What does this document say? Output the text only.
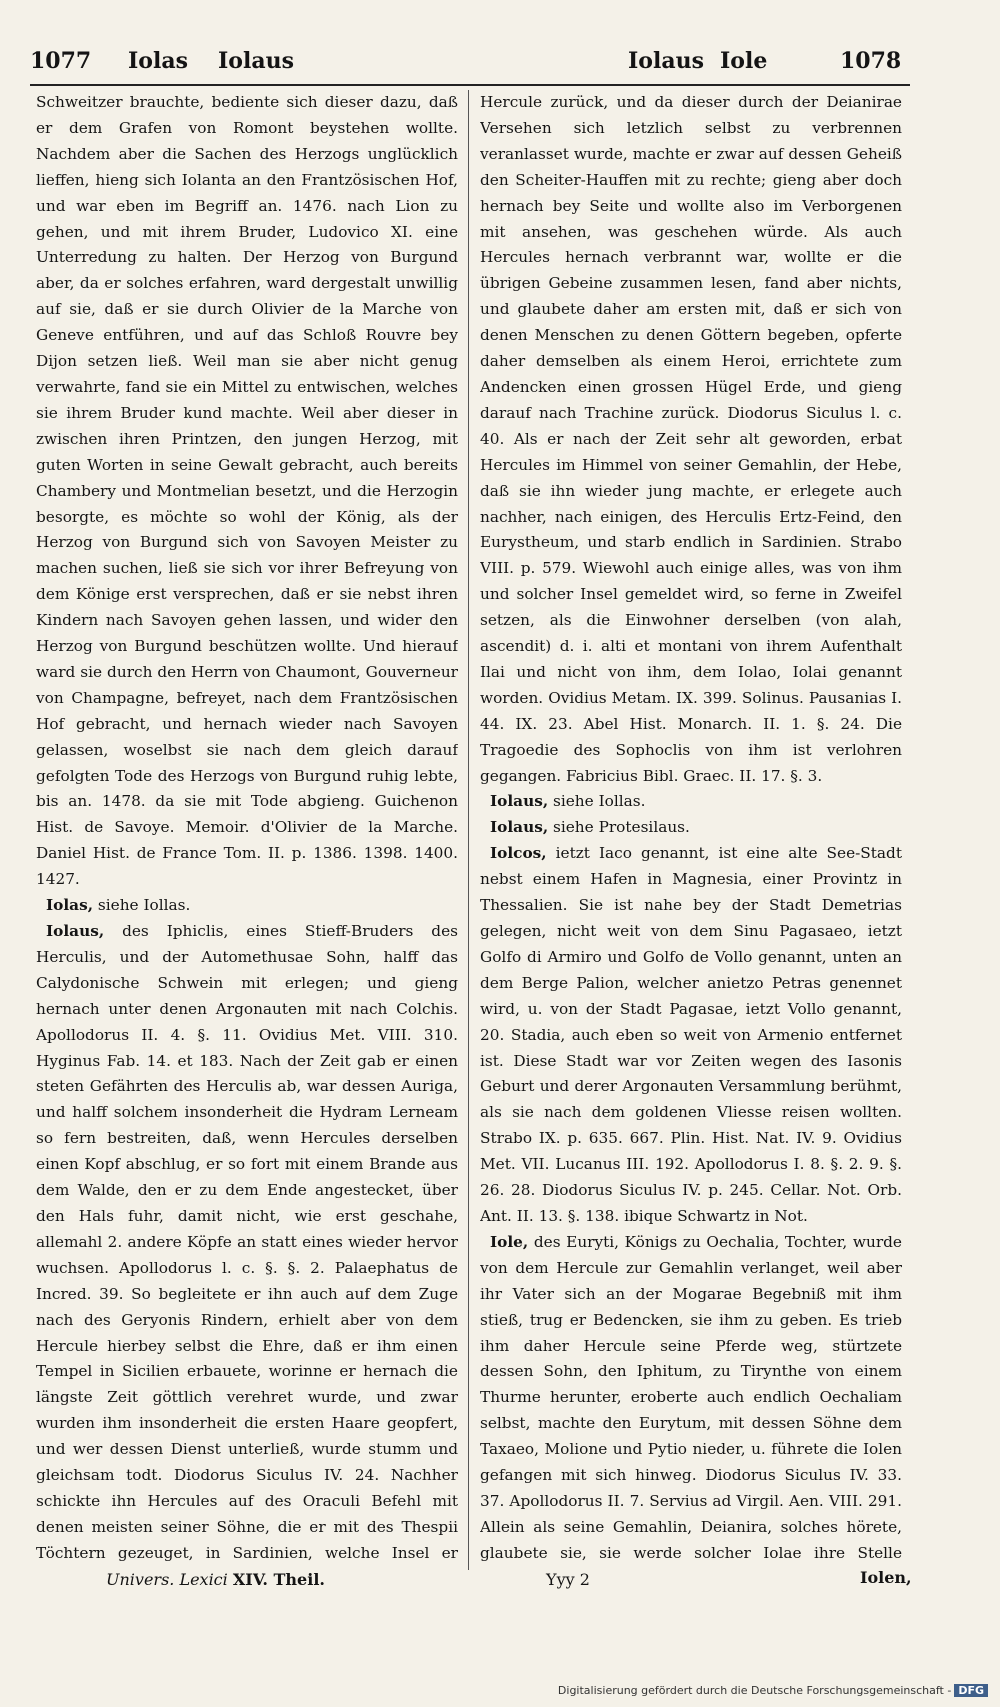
1077 Iolas Iolaus	Iolaus Iole	1078

Schweitzer brauchte, bediente sich dieser dazu, daß er dem Grafen von Romont beystehen wollte. Nachdem aber die Sachen des Herzogs unglücklich lieffen, hieng sich Iolanta an den Frantzösischen Hof, und war eben im Begriff an. 1476. nach Lion zu gehen, und mit ihrem Bruder, Ludovico XI. eine Unterredung zu halten. Der Herzog von Burgund aber, da er solches erfahren, ward dergestalt unwillig auf sie, daß er sie durch Olivier de la Marche von Geneve entführen, und auf das Schloß Rouvre bey Dijon setzen ließ. Weil man sie aber nicht genug verwahrte, fand sie ein Mittel zu entwischen, welches sie ihrem Bruder kund machte. Weil aber dieser in zwischen ihren Printzen, den jungen Herzog, mit guten Worten in seine Gewalt gebracht, auch bereits Chambery und Montmelian besetzt, und die Herzogin besorgte, es möchte so wohl der König, als der Herzog von Burgund sich von Savoyen Meister zu machen suchen, ließ sie sich vor ihrer Befreyung von dem Könige erst versprechen, daß er sie nebst ihren Kindern nach Savoyen gehen lassen, und wider den Herzog von Burgund beschützen wollte. Und hierauf ward sie durch den Herrn von Chaumont, Gouverneur von Champagne, befreyet, nach dem Frantzösischen Hof gebracht, und hernach wieder nach Savoyen gelassen, woselbst sie nach dem gleich darauf gefolgten Tode des Herzogs von Burgund ruhig lebte, bis an. 1478. da sie mit Tode abgieng. Guichenon Hist. de Savoye. Memoir. d'Olivier de la Marche. Daniel Hist. de France Tom. II. p. 1386. 1398. 1400. 1427.

Iolas, siehe Iollas.

Iolaus, des Iphiclis, eines Stieff-Bruders des Herculis, und der Automethusae Sohn, halff das Calydonische Schwein mit erlegen; und gieng hernach unter denen Argonauten mit nach Colchis. Apollodorus II. 4. §. 11. Ovidius Met. VIII. 310. Hyginus Fab. 14. et 183. Nach der Zeit gab er einen steten Gefährten des Herculis ab, war dessen Auriga, und halff solchem insonderheit die Hydram Lerneam so fern bestreiten, daß, wenn Hercules derselben einen Kopf abschlug, er so fort mit einem Brande aus dem Walde, den er zu dem Ende angestecket, über den Hals fuhr, damit nicht, wie erst geschahe, allemahl 2. andere Köpfe an statt eines wieder hervor wuchsen. Apollodorus l. c. §. §. 2. Palaephatus de Incred. 39. So begleitete er ihn auch auf dem Zuge nach des Geryonis Rindern, erhielt aber von dem Hercule hierbey selbst die Ehre, daß er ihm einen Tempel in Sicilien erbauete, worinne er hernach die längste Zeit göttlich verehret wurde, und zwar wurden ihm insonderheit die ersten Haare geopfert, und wer dessen Dienst unterließ, wurde stumm und gleichsam todt. Diodorus Siculus IV. 24. Nachher schickte ihn Hercules auf des Oraculi Befehl mit denen meisten seiner Söhne, die er mit des Thespii Töchtern gezeuget, in Sardinien, welche Insel er

Hercule zurück, und da dieser durch der Deianirae Versehen sich letzlich selbst zu verbrennen veranlasset wurde, machte er zwar auf dessen Geheiß den Scheiter-Hauffen mit zu rechte; gieng aber doch hernach bey Seite und wollte also im Verborgenen mit ansehen, was geschehen würde. Als auch Hercules hernach verbrannt war, wollte er die übrigen Gebeine zusammen lesen, fand aber nichts, und glaubete daher am ersten mit, daß er sich von denen Menschen zu denen Göttern begeben, opferte daher demselben als einem Heroi, errichtete zum Andencken einen grossen Hügel Erde, und gieng darauf nach Trachine zurück. Diodorus Siculus l. c. 40. Als er nach der Zeit sehr alt geworden, erbat Hercules im Himmel von seiner Gemahlin, der Hebe, daß sie ihn wieder jung machte, er erlegete auch nachher, nach einigen, des Herculis Ertz-Feind, den Eurystheum, und starb endlich in Sardinien. Strabo VIII. p. 579. Wiewohl auch einige alles, was von ihm und solcher Insel gemeldet wird, so ferne in Zweifel setzen, als die Einwohner derselben (von alah, ascendit) d. i. alti et montani von ihrem Aufenthalt Ilai und nicht von ihm, dem Iolao, Iolai genannt worden. Ovidius Metam. IX. 399. Solinus. Pausanias I. 44. IX. 23. Abel Hist. Monarch. II. 1. §. 24. Die Tragoedie des Sophoclis von ihm ist verlohren gegangen. Fabricius Bibl. Graec. II. 17. §. 3.

Iolaus, siehe Iollas.

Iolaus, siehe Protesilaus.

Iolcos, ietzt Iaco genannt, ist eine alte See-Stadt nebst einem Hafen in Magnesia, einer Provintz in Thessalien. Sie ist nahe bey der Stadt Demetrias gelegen, nicht weit von dem Sinu Pagasaeo, ietzt Golfo di Armiro und Golfo de Vollo genannt, unten an dem Berge Palion, welcher anietzo Petras genennet wird, u. von der Stadt Pagasae, ietzt Vollo genannt, 20. Stadia, auch eben so weit von Armenio entfernet ist. Diese Stadt war vor Zeiten wegen des Iasonis Geburt und derer Argonauten Versammlung berühmt, als sie nach dem goldenen Vliesse reisen wollten. Strabo IX. p. 635. 667. Plin. Hist. Nat. IV. 9. Ovidius Met. VII. Lucanus III. 192. Apollodorus I. 8. §. 2. 9. §. 26. 28. Diodorus Siculus IV. p. 245. Cellar. Not. Orb. Ant. II. 13. §. 138. ibique Schwartz in Not.

Iole, des Euryti, Königs zu Oechalia, Tochter, wurde von dem Hercule zur Gemahlin verlanget, weil aber ihr Vater sich an der Mogarae Begebniß mit ihm stieß, trug er Bedencken, sie ihm zu geben. Es trieb ihm daher Hercule seine Pferde weg, stürtzete dessen Sohn, den Iphitum, zu Tirynthe von einem Thurme herunter, eroberte auch endlich Oechaliam selbst, machte den Eurytum, mit dessen Söhne dem Taxaeo, Molione und Pytio nieder, u. führete die Iolen gefangen mit sich hinweg. Diodorus Siculus IV. 33. 37. Apollodorus II. 7. Servius ad Virgil. Aen. VIII. 291. Allein als seine Gemahlin, Deianira, solches hörete, glaubete sie, sie werde solcher Iolae ihre Stelle

Univers. Lexici XIV. Theil.	Yyy 2	Iolen,
Digitalisierung gefördert durch die Deutsche Forschungsgemeinschaft - DFG
